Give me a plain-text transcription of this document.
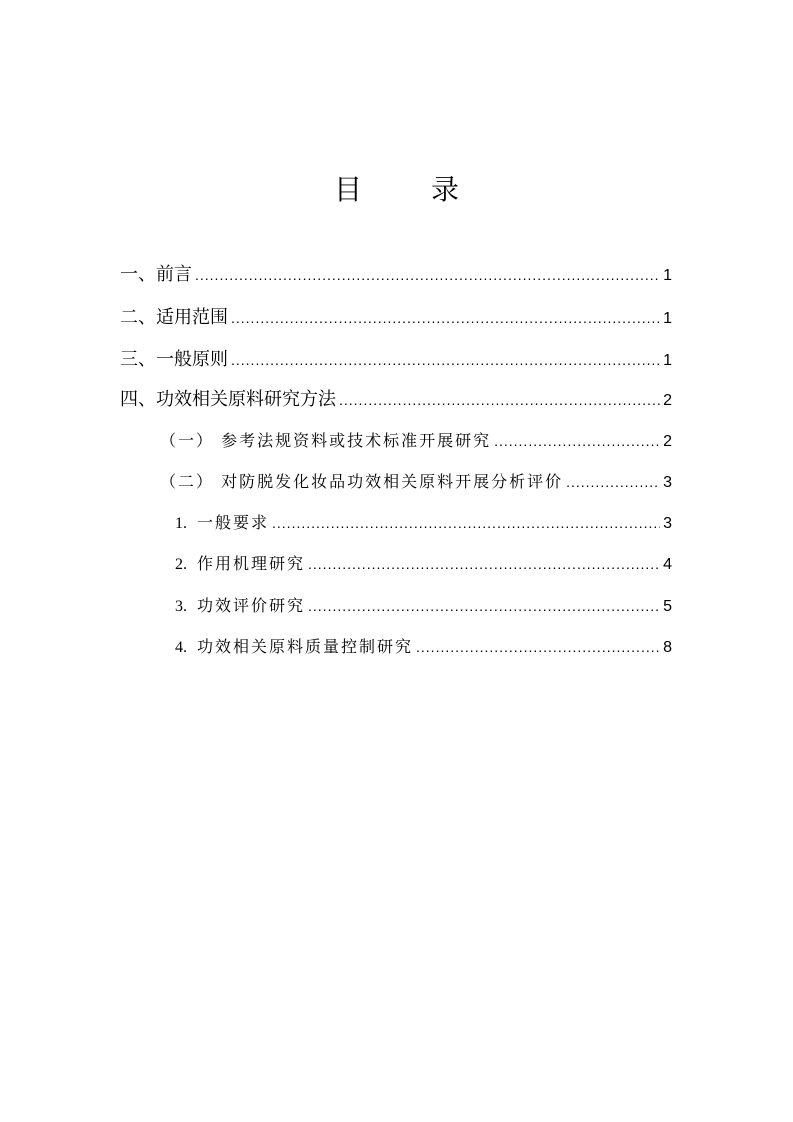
目 录
一、前言 .....	1
二、适用范围 .....	1
三、一般原则 .....	1
四、功效相关原料研究方法 .....	2
（一） 参考法规资料或技术标准开展研究 .....	2
（二） 对防脱发化妆品功效相关原料开展分析评价 .....	3
1. 一般要求 .....	3
2. 作用机理研究 .....	4
3. 功效评价研究 .....	5
4. 功效相关原料质量控制研究 .....	8
